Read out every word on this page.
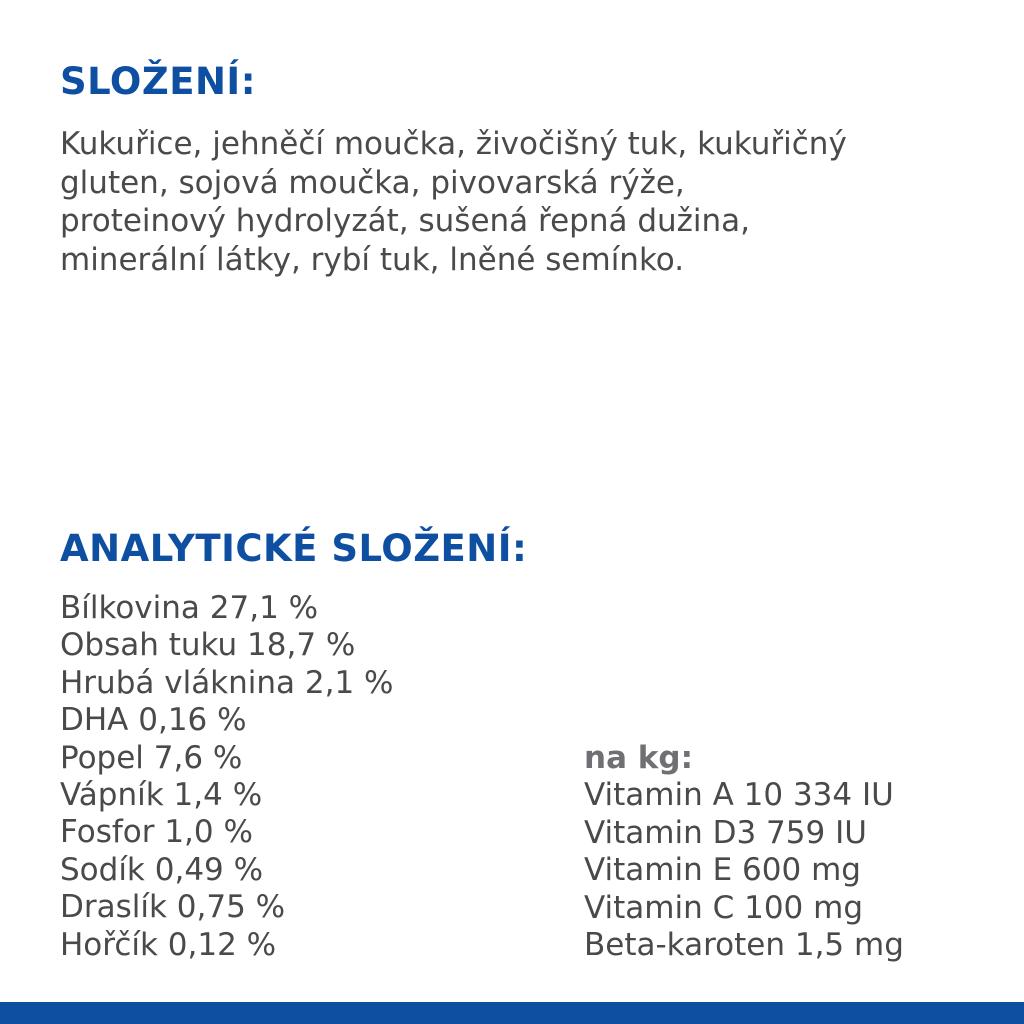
SLOŽENÍ:

Kukuřice, jehněčí moučka, živočišný tuk, kukuřičný
gluten, sojová moučka, pivovarská rýže,
proteinový hydrolyzát, sušená řepná dužina,
minerální látky, rybí tuk, lněné semínko.

ANALYTICKÉ SLOŽENÍ:
Bílkovina 27,1 %
Obsah tuku 18,7 %
Hrubá vláknina 2,1 %
DHA 0,16 %
Popel 7,6 %
Vápník 1,4 %
Fosfor 1,0 %
Sodík 0,49 %
Draslík 0,75 %
Hořčík 0,12 %
na kg:
Vitamin A 10 334 IU
Vitamin D3 759 IU
Vitamin E 600 mg
Vitamin C 100 mg
Beta-karoten 1,5 mg
